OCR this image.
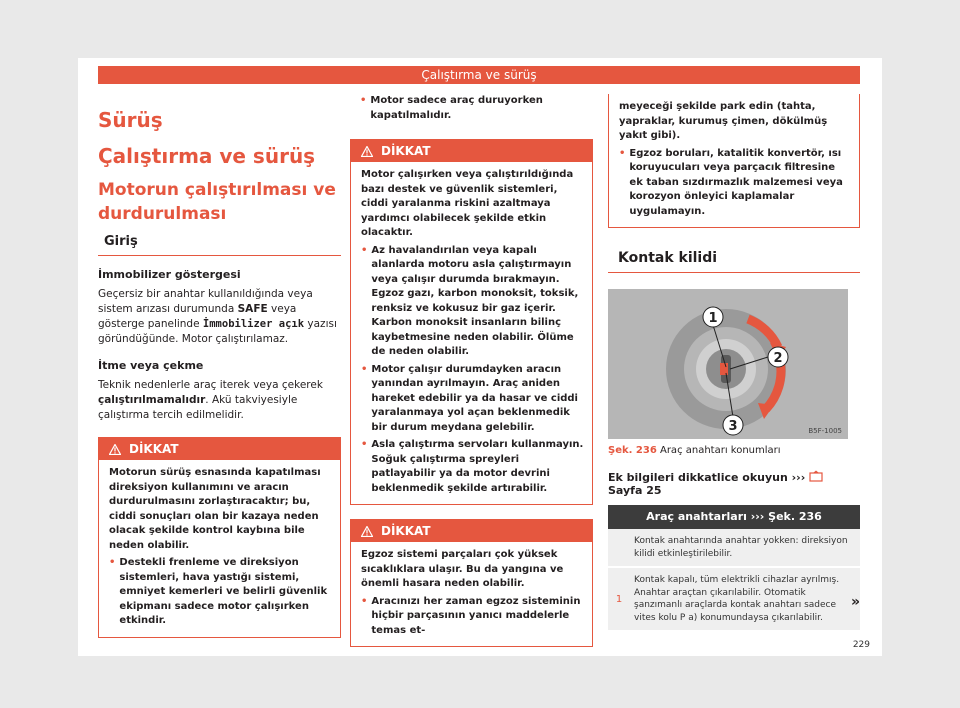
Çalıştırma ve sürüş
Sürüş
Çalıştırma ve sürüş
Motorun çalıştırılması ve durdurulması
Giriş
İmmobilizer göstergesi

Geçersiz bir anahtar kullanıldığında veya sistem arızası durumunda SAFE veya gösterge panelinde İmmobilizer açık yazısı göründüğünde. Motor çalıştırılamaz.

İtme veya çekme

Teknik nedenlerle araç iterek veya çekerek çalıştırılmamalıdır. Akü takviyesiyle çalıştırma tercih edilmelidir.

DİKKAT

Motorun sürüş esnasında kapatılması direksiyon kullanımını ve aracın durdurulmasını zorlaştıracaktır; bu, ciddi sonuçları olan bir kazaya neden olacak şekilde kontrol kaybına bile neden olabilir.

• Destekli frenleme ve direksiyon sistemleri, hava yastığı sistemi, emniyet kemerleri ve belirli güvenlik ekipmanı sadece motor çalışırken etkindir.
• Motor sadece araç duruyorken kapatılmalıdır.
DİKKAT

Motor çalışırken veya çalıştırıldığında bazı destek ve güvenlik sistemleri, ciddi yaralanma riskini azaltmaya yardımcı olabilecek şekilde etkin olacaktır.

• Az havalandırılan veya kapalı alanlarda motoru asla çalıştırmayın veya çalışır durumda bırakmayın. Egzoz gazı, karbon monoksit, toksik, renksiz ve kokusuz bir gaz içerir. Karbon monoksit insanların bilinç kaybetmesine neden olabilir. Ölüme de neden olabilir.
• Motor çalışır durumdayken aracın yanından ayrılmayın. Araç aniden hareket edebilir ya da hasar ve ciddi yaralanmaya yol açan beklenmedik bir durum meydana gelebilir.
• Asla çalıştırma servoları kullanmayın. Soğuk çalıştırma spreyleri patlayabilir ya da motor devrini beklenmedik şekilde artırabilir.
DİKKAT

Egzoz sistemi parçaları çok yüksek sıcaklıklara ulaşır. Bu da yangına ve önemli hasara neden olabilir.

• Aracınızı her zaman egzoz sisteminin hiçbir parçasının yanıcı maddelerle temas et-

meyeceği şekilde park edin (tahta, yapraklar, kurumuş çimen, dökülmüş yakıt gibi).

• Egzoz boruları, katalitik konvertör, ısı koruyucuları veya parçacık filtresine ek taban sızdırmazlık malzemesi veya korozyon önleyici kaplamalar uygulamayın.
Kontak kilidi
1
2
3	B5F-1005
Şek. 236 Araç anahtarı konumları
Ek bilgileri dikkatlice okuyun ›››  Sayfa 25
Araç anahtarları ››› Şek. 236
Kontak anahtarında anahtar yokken: direksiyon kilidi etkinleştirilebilir.
1
Kontak kapalı, tüm elektrikli cihazlar ayrılmış. Anahtar araçtan çıkarılabilir. Otomatik şanzımanlı araçlarda kontak anahtarı sadece vites kolu P a) konumundaysa çıkarılabilir.
»
229
